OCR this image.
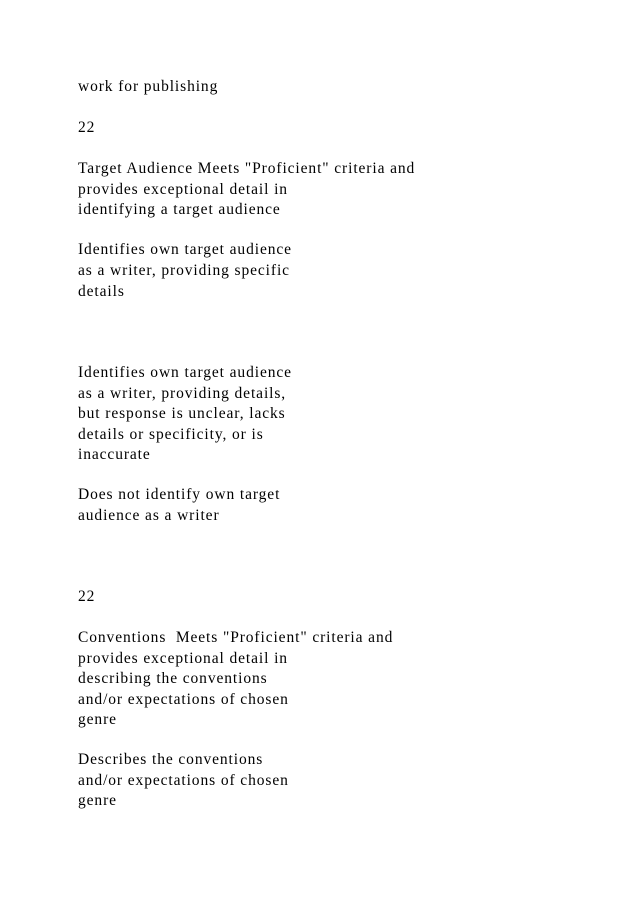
work for publishing

22

Target Audience Meets "Proficient" criteria and

provides exceptional detail in

identifying a target audience

Identifies own target audience

as a writer, providing specific

details

Identifies own target audience

as a writer, providing details,

but response is unclear, lacks

details or specificity, or is

inaccurate

Does not identify own target

audience as a writer

22

Conventions  Meets "Proficient" criteria and

provides exceptional detail in

describing the conventions

and/or expectations of chosen

genre

Describes the conventions

and/or expectations of chosen

genre
